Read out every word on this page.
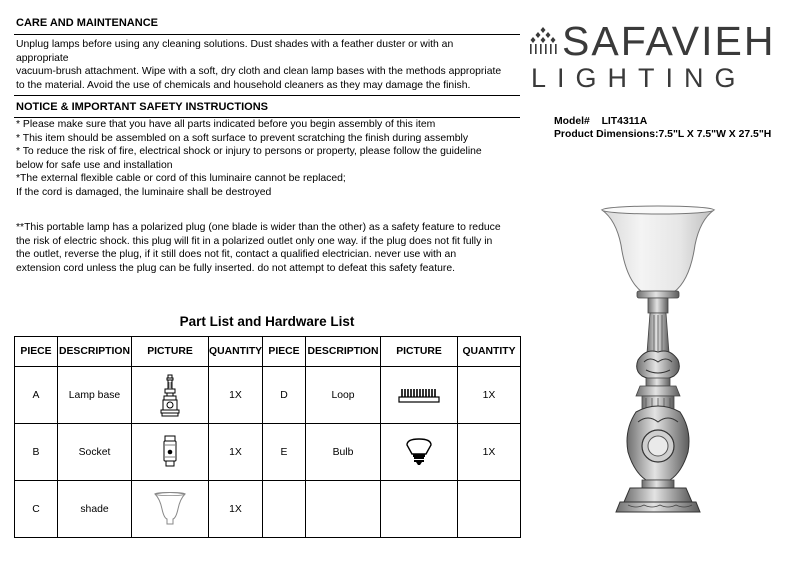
CARE AND MAINTENANCE
Unplug lamps before using any cleaning solutions. Dust shades with a feather duster or with an
appropriate
vacuum-brush attachment. Wipe with a soft, dry cloth and clean lamp bases with the methods appropriate
to the material. Avoid the use of chemicals and household cleaners as they may damage the finish.
NOTICE & IMPORTANT SAFETY INSTRUCTIONS
* Please make sure that you have all parts indicated before you begin assembly of this item
* This item should be assembled on a soft surface to prevent scratching the finish during assembly
* To reduce the risk of fire, electrical shock or injury to persons or property, please follow the guideline
below for safe use and installation
*The external flexible cable or cord of this luminaire cannot be replaced;
If the cord is damaged, the luminaire shall be destroyed
**This portable lamp has a polarized plug (one blade is wider than the other) as a safety feature to reduce
the risk of electric shock. this plug will fit in a polarized outlet only one way. if the plug does not fit fully in
the outlet, reverse the plug, if it still does not fit, contact a qualified electrician. never use with an
extension cord unless the plug can be fully inserted. do not attempt to defeat this safety feature.
Part List and Hardware List
PIECE	DESCRIPTION	PICTURE	QUANTITY	PIECE	DESCRIPTION	PICTURE	QUANTITY
A	Lamp base		1X	D	Loop		1X
B	Socket		1X	E	Bulb		1X
C	shade		1X				
SAFAVIEH
LIGHTING
Model# LIT4311A
Product Dimensions:7.5"L X 7.5"W X 27.5"H
